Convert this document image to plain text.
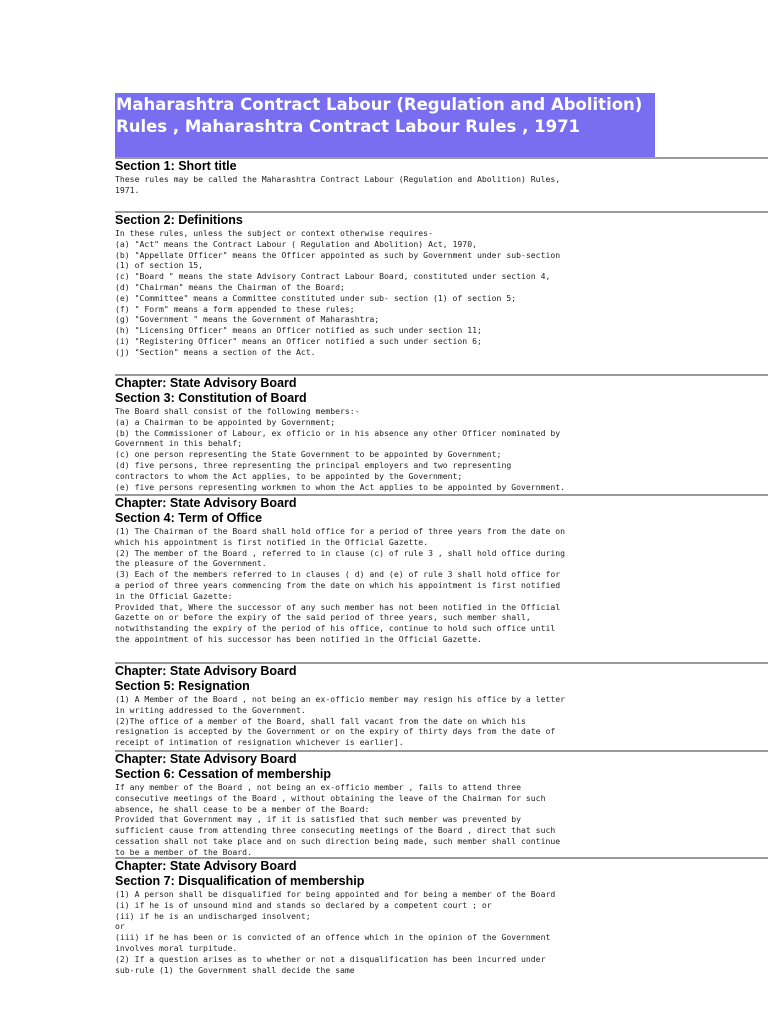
Maharashtra Contract Labour (Regulation and Abolition) Rules , Maharashtra Contract Labour Rules , 1971
Section 1: Short title
These rules may be called the Maharashtra Contract Labour (Regulation and Abolition) Rules,
1971.
Section 2: Definitions
In these rules, unless the subject or context otherwise requires-
(a) "Act" means the Contract Labour ( Regulation and Abolition) Act, 1970,
(b) "Appellate Officer" means the Officer appointed as such by Government under sub-section
(1) of section 15,
(c) "Board " means the state Advisory Contract Labour Board, constituted under section 4,
(d) "Chairman" means the Chairman of the Board;
(e) "Committee" means a Committee constituted under sub- section (1) of section 5;
(f) " Form" means a form appended to these rules;
(g) "Government " means the Government of Maharashtra;
(h) "Licensing Officer" means an Officer notified as such under section 11;
(i) "Registering Officer" means an Officer notified a such under section 6;
(j) "Section" means a section of the Act.
Chapter: State Advisory Board
Section 3: Constitution of Board
The Board shall consist of the following members:-
(a) a Chairman to be appointed by Government;
(b) the Commissioner of Labour, ex officio or in his absence any other Officer nominated by
Government in this behalf;
(c) one person representing the State Government to be appointed by Government;
(d) five persons, three representing the principal employers and two representing
contractors to whom the Act applies, to be appointed by the Government;
(e) five persons representing workmen to whom the Act applies to be appointed by Government.
Chapter: State Advisory Board
Section 4: Term of Office
(1) The Chairman of the Board shall hold office for a period of three years from the date on
which his appointment is first notified in the Official Gazette.
(2) The member of the Board , referred to in clause (c) of rule 3 , shall hold office during
the pleasure of the Government.
(3) Each of the members referred to in clauses ( d) and (e) of rule 3 shall hold office for
a period of three years commencing from the date on which his appointment is first notified
in the Official Gazette:
Provided that, Where the successor of any such member has not been notified in the Official
Gazette on or before the expiry of the said period of three years, such member shall,
notwithstanding the expiry of the period of his office, continue to hold such office until
the appointment of his successor has been notified in the Official Gazette.
Chapter: State Advisory Board
Section 5: Resignation
(1) A Member of the Board , not being an ex-officio member may resign his office by a letter
in writing addressed to the Government.
(2)The office of a member of the Board, shall fall vacant from the date on which his
resignation is accepted by the Government or on the expiry of thirty days from the date of
receipt of intimation of resignation whichever is earlier].
Chapter: State Advisory Board
Section 6: Cessation of membership
If any member of the Board , not being an ex-officio member , fails to attend three
consecutive meetings of the Board , without obtaining the leave of the Chairman for such
absence, he shall cease to be a member of the Board:
Provided that Government may , if it is satisfied that such member was prevented by
sufficient cause from attending three consecuting meetings of the Board , direct that such
cessation shall not take place and on such direction being made, such member shall continue
to be a member of the Board.
Chapter: State Advisory Board
Section 7: Disqualification of membership
(1) A person shall be disqualified for being appointed and for being a member of the Board
(i) if he is of unsound mind and stands so declared by a competent court ; or
(ii) if he is an undischarged insolvent;
or
(iii) if he has been or is convicted of an offence which in the opinion of the Government
involves moral turpitude.
(2) If a question arises as to whether or not a disqualification has been incurred under
sub-rule (1) the Government shall decide the same
